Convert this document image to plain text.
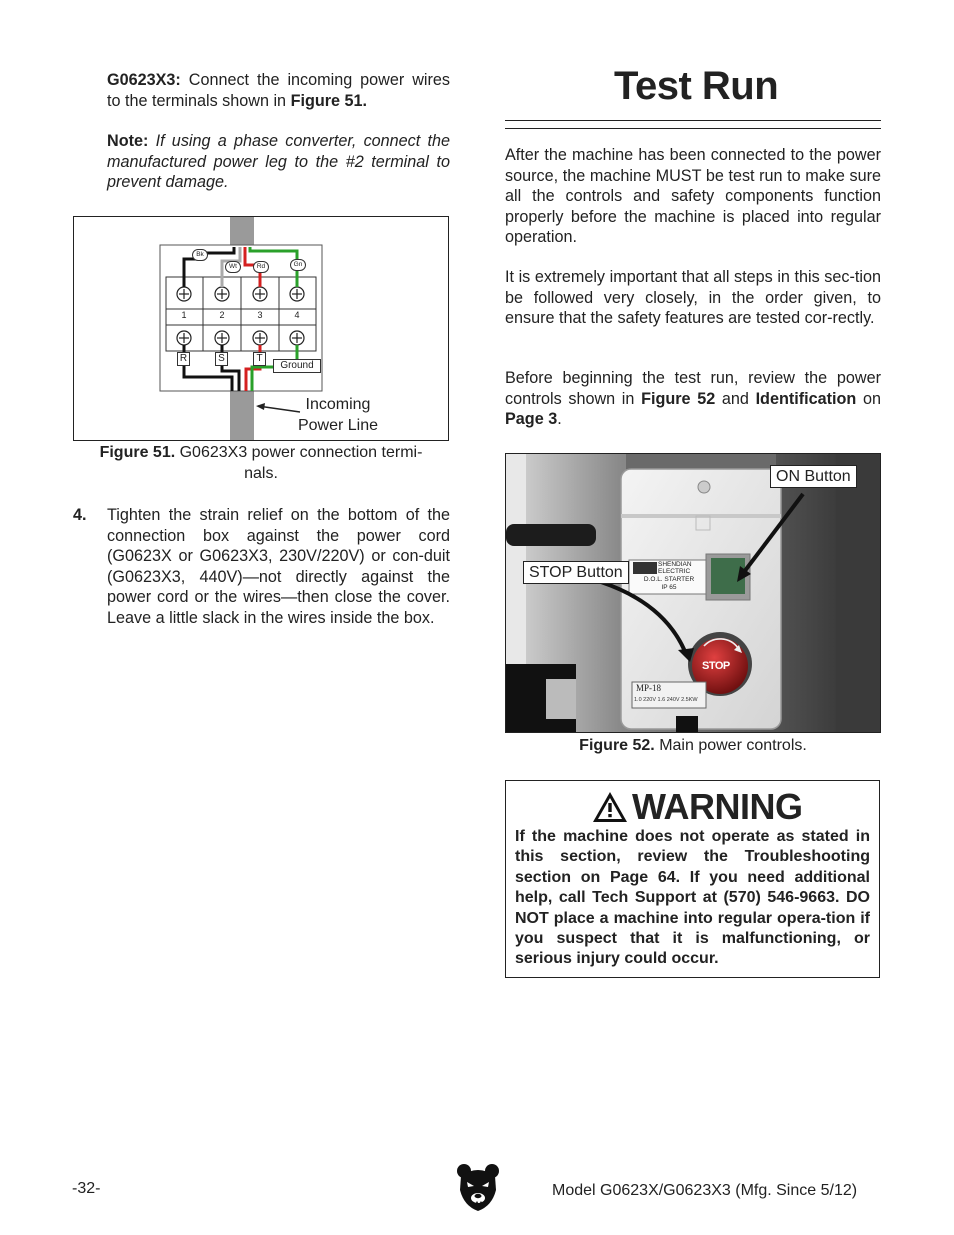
G0623X3: Connect the incoming power wires to the terminals shown in Figure 51.
Note: If using a phase converter, connect the manufactured power leg to the #2 terminal to prevent damage.
Bk
Wt	Rd	Gn
1	2	3	4
R	S	T
Ground
Incoming
Power Line
Figure 51. G0623X3 power connection termi-
nals.
4. Tighten the strain relief on the bottom of the connection box against the power cord (G0623X or G0623X3, 230V/220V) or con-duit (G0623X3, 440V)—not directly against the power cord or the wires—then close the cover. Leave a little slack in the wires inside the box.
Test Run
After the machine has been connected to the power source, the machine MUST be test run to make sure all the controls and safety components function properly before the machine is placed into regular operation.
It is extremely important that all steps in this sec-tion be followed very closely, in the order given, to ensure that the safety features are tested cor-rectly.
Before beginning the test run, review the power controls shown in Figure 52 and Identification on Page 3.
SHENDIAN
ELECTRIC
D.O.L. STARTER
IP 65
STOP
MP-18
1.0 220V 1.6 240V 2.5KW
ON Button
STOP Button
Figure 52. Main power controls.
WARNING
If the machine does not operate as stated in this section, review the Troubleshooting section on Page 64. If you need additional help, call Tech Support at (570) 546-9663. DO NOT place a machine into regular opera-tion if you suspect that it is malfunctioning, or serious injury could occur.
-32-	Model G0623X/G0623X3 (Mfg. Since 5/12)
